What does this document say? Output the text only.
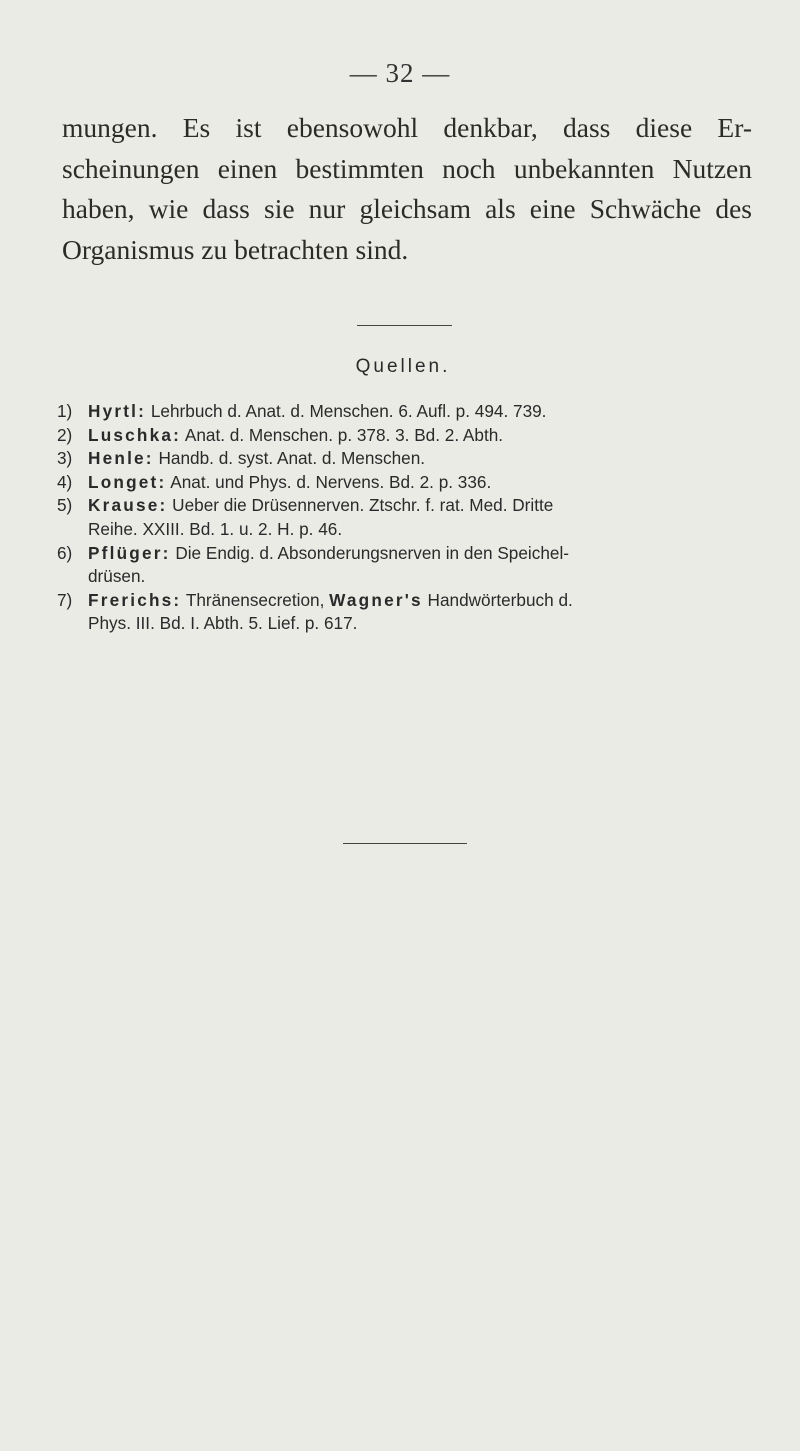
— 32 —
mungen. Es ist ebensowohl denkbar, dass diese Er-
scheinungen einen bestimmten noch unbekannten Nutzen
haben, wie dass sie nur gleichsam als eine Schwäche des
Organismus zu betrachten sind.
Quellen.
1) Hyrtl: Lehrbuch d. Anat. d. Menschen. 6. Aufl. p. 494. 739.
2) Luschka: Anat. d. Menschen. p. 378. 3. Bd. 2. Abth.
3) Henle: Handb. d. syst. Anat. d. Menschen.
4) Longet: Anat. und Phys. d. Nervens. Bd. 2. p. 336.
5) Krause: Ueber die Drüsennerven. Ztschr. f. rat. Med. Dritte
Reihe. XXIII. Bd. 1. u. 2. H. p. 46.
6) Pflüger: Die Endig. d. Absonderungsnerven in den Speichel-
drüsen.
7) Frerichs: Thränensecretion, Wagner's Handwörterbuch d.
Phys. III. Bd. I. Abth. 5. Lief. p. 617.
